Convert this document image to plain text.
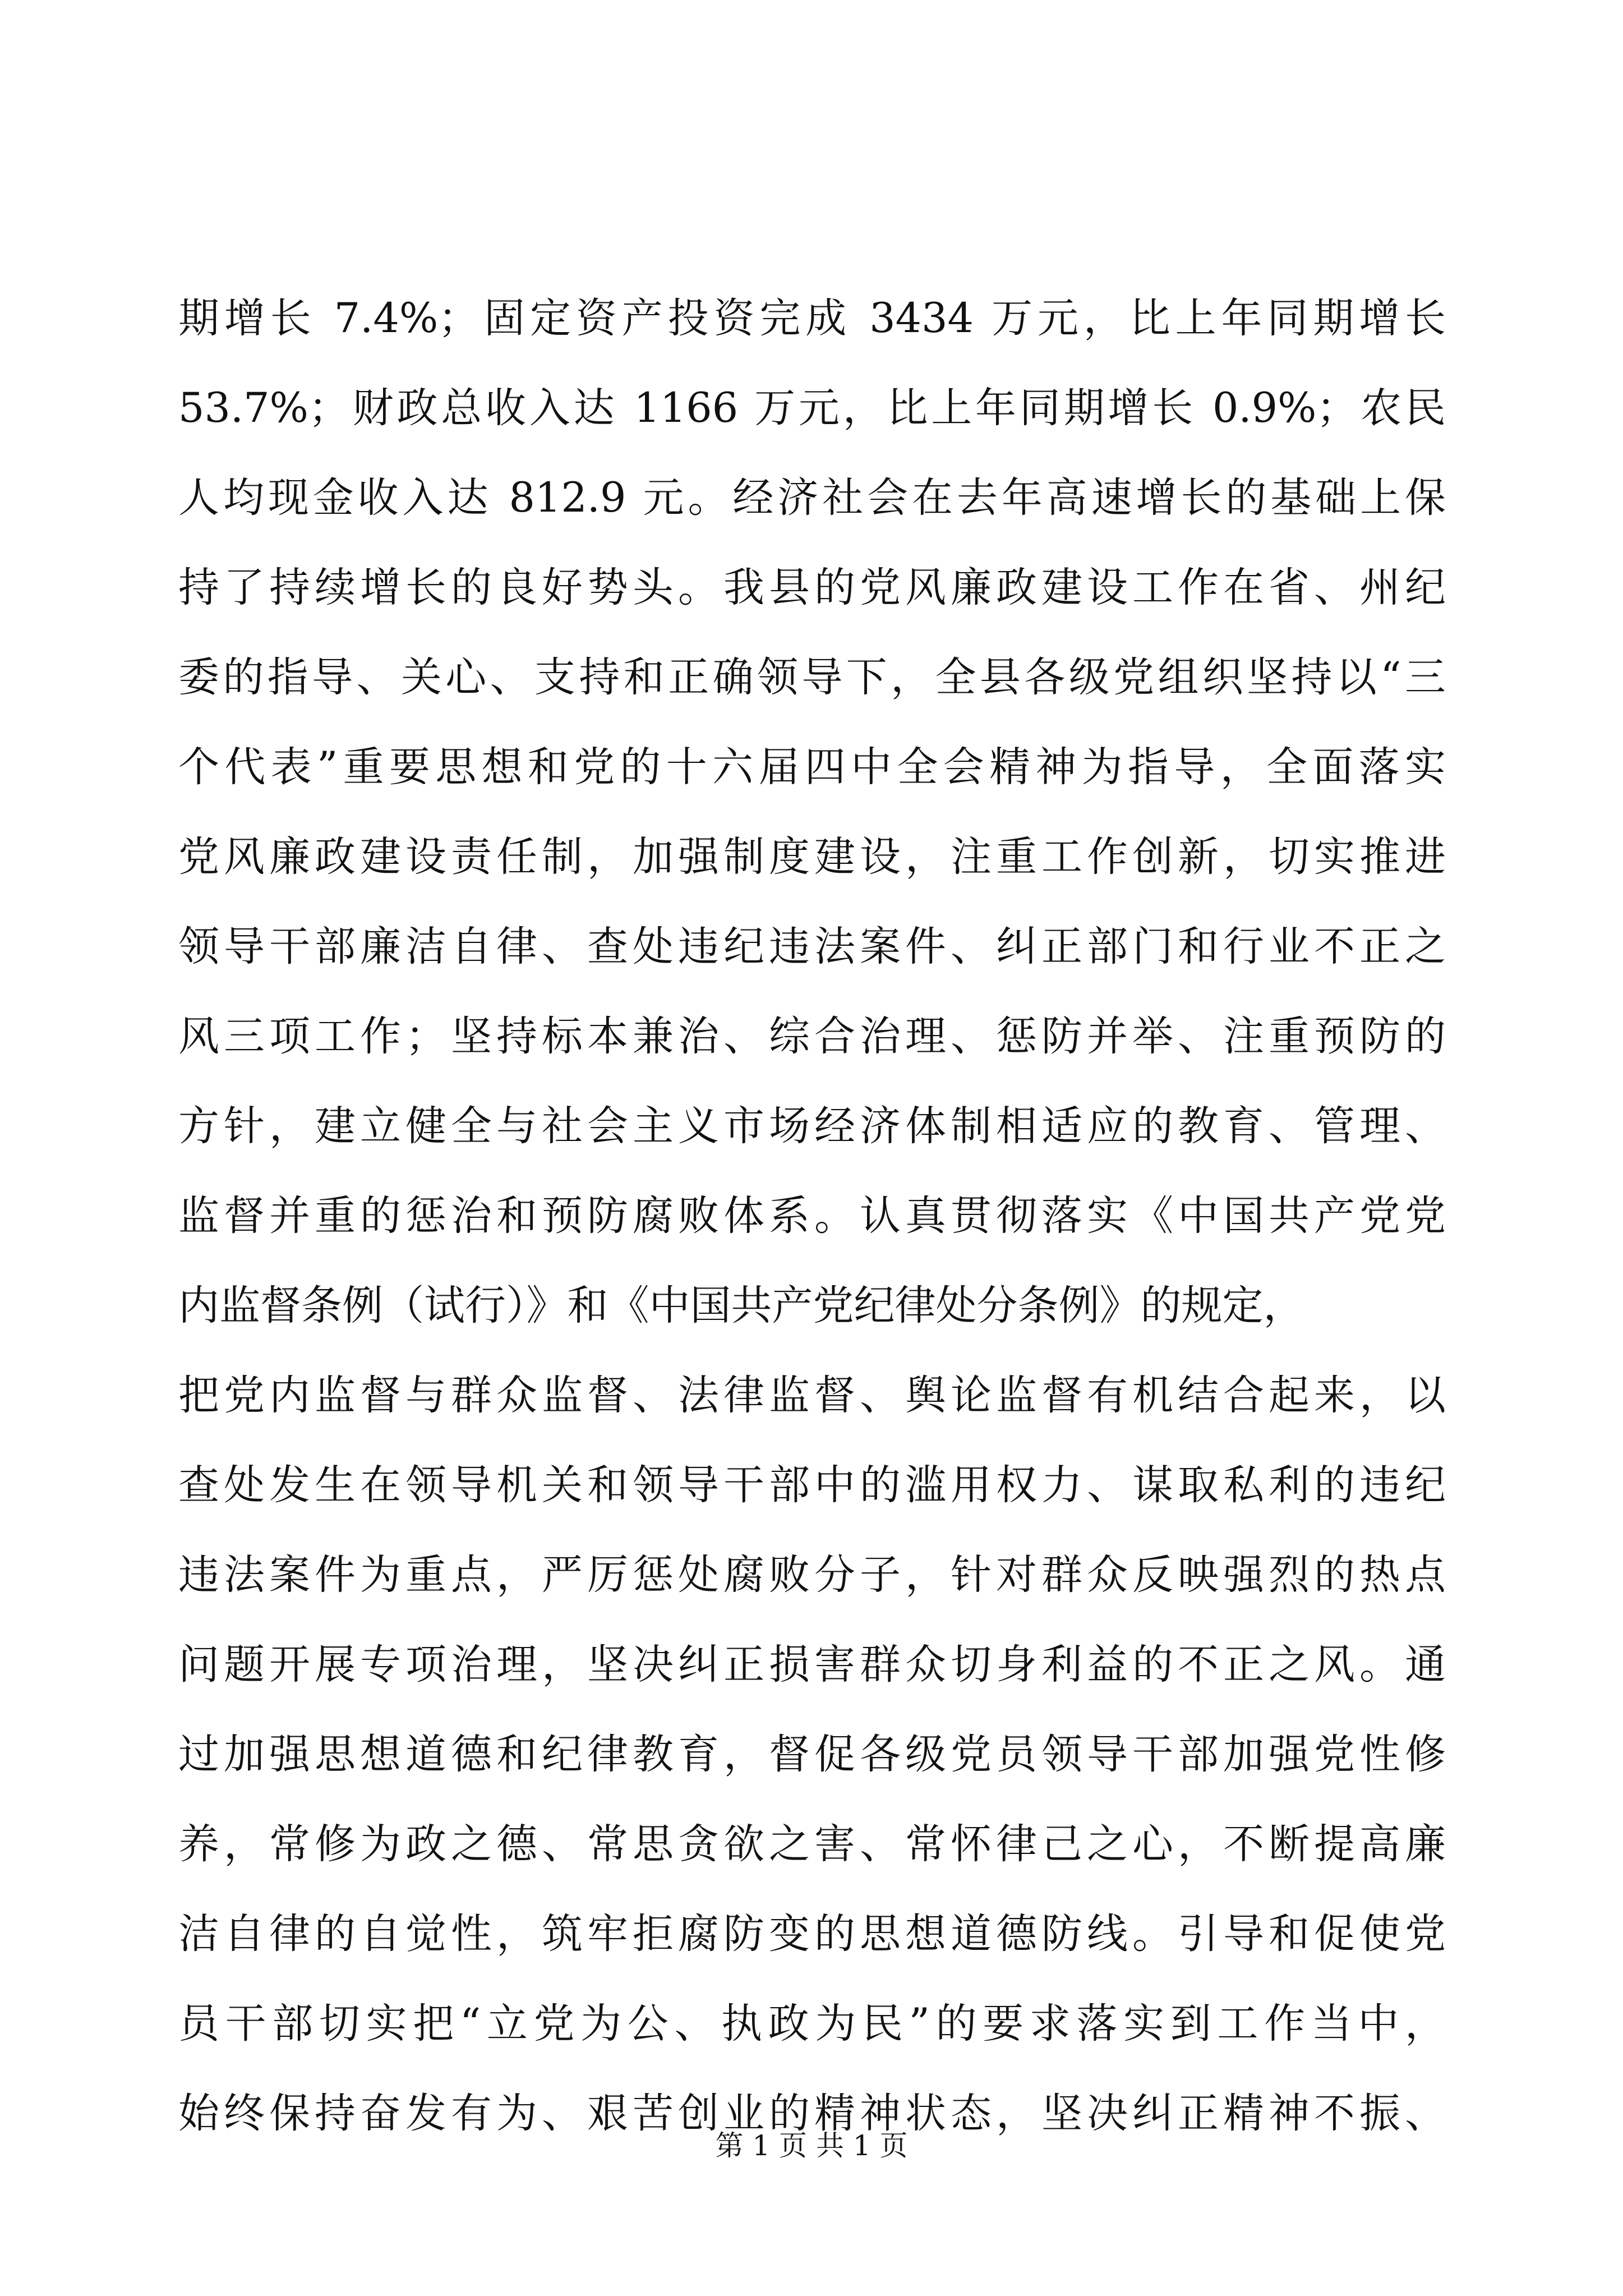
期增长 7.4%；固定资产投资完成 3434 万元，比上年同期增长
53.7%；财政总收入达 1166 万元，比上年同期增长 0.9%；农民
人均现金收入达 812.9 元。经济社会在去年高速增长的基础上保
持了持续增长的良好势头。我县的党风廉政建设工作在省、州纪
委的指导、关心、支持和正确领导下，全县各级党组织坚持以“三
个代表”重要思想和党的十六届四中全会精神为指导，全面落实
党风廉政建设责任制，加强制度建设，注重工作创新，切实推进
领导干部廉洁自律、查处违纪违法案件、纠正部门和行业不正之
风三项工作；坚持标本兼治、综合治理、惩防并举、注重预防的
方针，建立健全与社会主义市场经济体制相适应的教育、管理、
监督并重的惩治和预防腐败体系。认真贯彻落实《中国共产党党
内监督条例（试行）》和《中国共产党纪律处分条例》的规定，
把党内监督与群众监督、法律监督、舆论监督有机结合起来，以
查处发生在领导机关和领导干部中的滥用权力、谋取私利的违纪
违法案件为重点，严厉惩处腐败分子，针对群众反映强烈的热点
问题开展专项治理，坚决纠正损害群众切身利益的不正之风。通
过加强思想道德和纪律教育，督促各级党员领导干部加强党性修
养，常修为政之德、常思贪欲之害、常怀律己之心，不断提高廉
洁自律的自觉性，筑牢拒腐防变的思想道德防线。引导和促使党
员干部切实把“立党为公、执政为民”的要求落实到工作当中，
始终保持奋发有为、艰苦创业的精神状态，坚决纠正精神不振、
第 1 页 共 1 页
